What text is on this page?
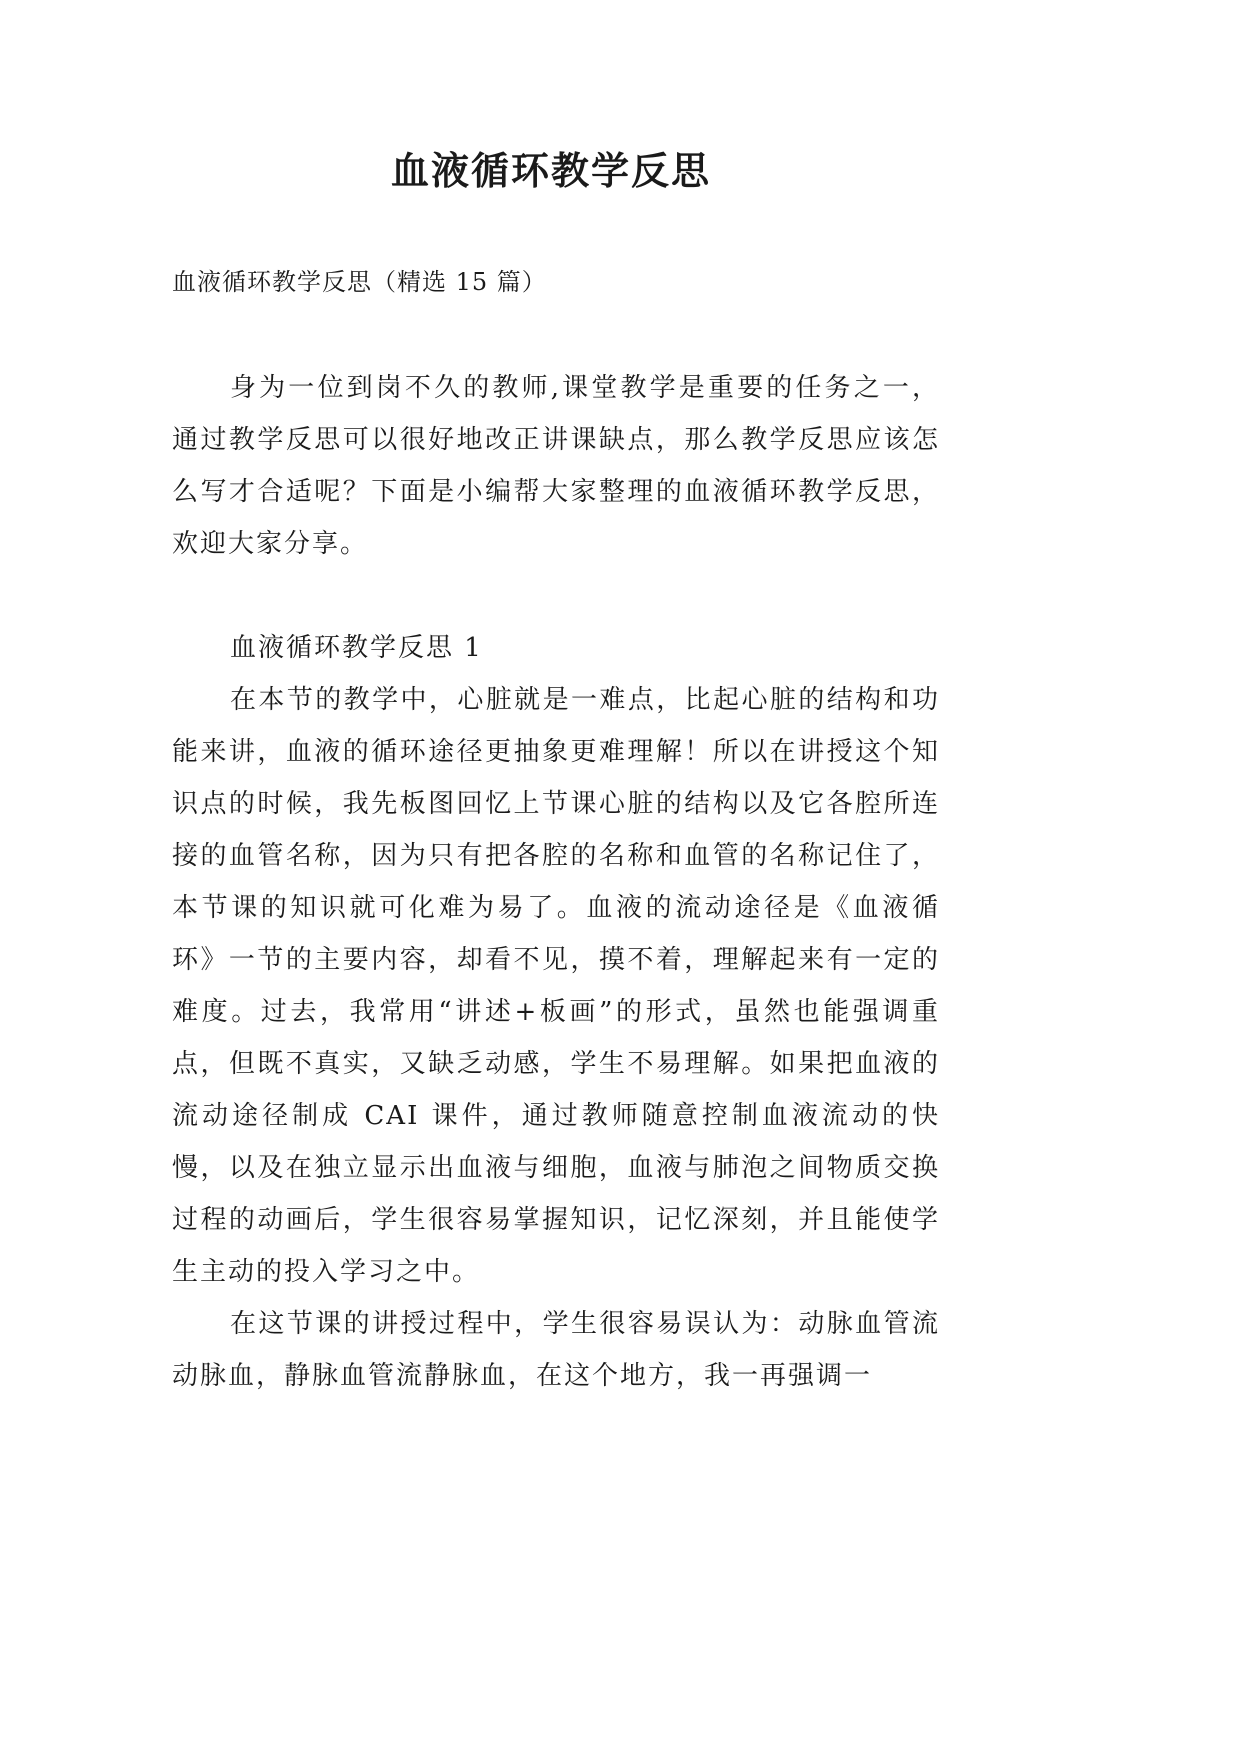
血液循环教学反思
血液循环教学反思（精选 15 篇）

身为一位到岗不久的教师,课堂教学是重要的任务之一，通过教学反思可以很好地改正讲课缺点，那么教学反思应该怎么写才合适呢？下面是小编帮大家整理的血液循环教学反思，欢迎大家分享。

血液循环教学反思 1

在本节的教学中，心脏就是一难点，比起心脏的结构和功能来讲，血液的循环途径更抽象更难理解！所以在讲授这个知识点的时候，我先板图回忆上节课心脏的结构以及它各腔所连接的血管名称，因为只有把各腔的名称和血管的名称记住了，本节课的知识就可化难为易了。血液的流动途径是《血液循环》一节的主要内容，却看不见，摸不着，理解起来有一定的难度。过去，我常用“讲述+板画”的形式，虽然也能强调重点，但既不真实，又缺乏动感，学生不易理解。如果把血液的流动途径制成 CAI 课件，通过教师随意控制血液流动的快慢，以及在独立显示出血液与细胞，血液与肺泡之间物质交换过程的动画后，学生很容易掌握知识，记忆深刻，并且能使学生主动的投入学习之中。

在这节课的讲授过程中，学生很容易误认为：动脉血管流动脉血，静脉血管流静脉血，在这个地方，我一再强调一
